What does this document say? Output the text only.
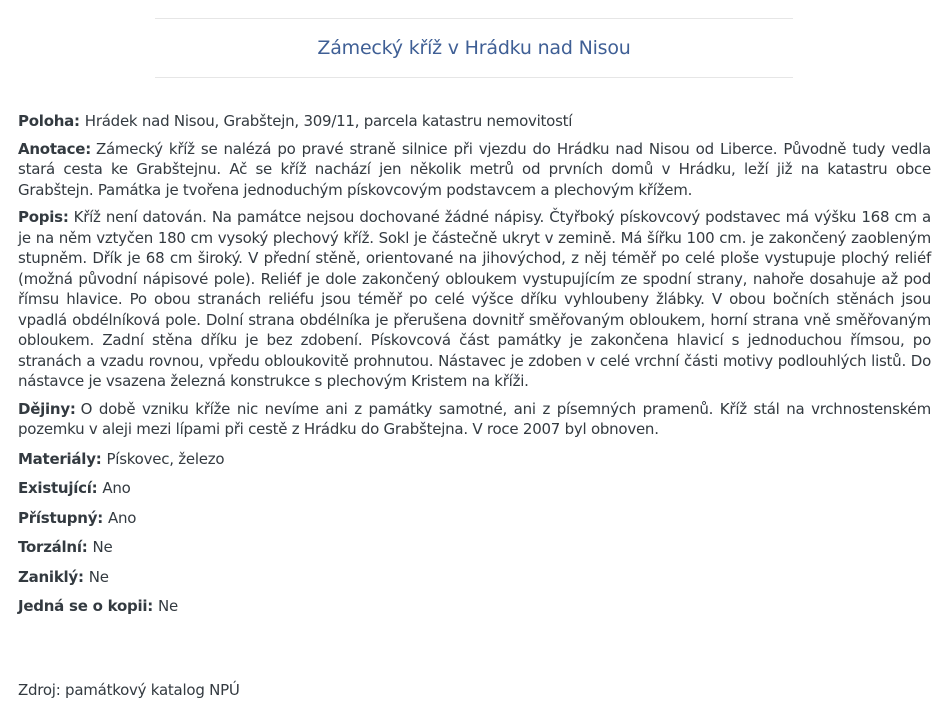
Zámecký kříž v Hrádku nad Nisou

Poloha: Hrádek nad Nisou, Grabštejn, 309/11, parcela katastru nemovitostí

Anotace: Zámecký kříž se nalézá po pravé straně silnice při vjezdu do Hrádku nad Nisou od Liberce. Původně tudy vedla stará cesta ke Grabštejnu. Ač se kříž nachází jen několik metrů od prvních domů v Hrádku, leží již na katastru obce Grabštejn. Památka je tvořena jednoduchým pískovcovým podstavcem a plechovým křížem.

Popis: Kříž není datován. Na památce nejsou dochované žádné nápisy. Čtyřboký pískovcový podstavec má výšku 168 cm a je na něm vztyčen 180 cm vysoký plechový kříž. Sokl je částečně ukryt v zemině. Má šířku 100 cm. je zakončený zaobleným stupněm. Dřík je 68 cm široký. V přední stěně, orientované na jihovýchod, z něj téměř po celé ploše vystupuje plochý reliéf (možná původní nápisové pole). Reliéf je dole zakončený obloukem vystupujícím ze spodní strany, nahoře dosahuje až pod římsu hlavice. Po obou stranách reliéfu jsou téměř po celé výšce dříku vyhloubeny žlábky. V obou bočních stěnách jsou vpadlá obdélníková pole. Dolní strana obdélníka je přerušena dovnitř směřovaným obloukem, horní strana vně směřovaným obloukem. Zadní stěna dříku je bez zdobení. Pískovcová část památky je zakončena hlavicí s jednoduchou římsou, po stranách a vzadu rovnou, vpředu obloukovitě prohnutou. Nástavec je zdoben v celé vrchní části motivy podlouhlých listů. Do nástavce je vsazena železná konstrukce s plechovým Kristem na kříži.

Dějiny: O době vzniku kříže nic nevíme ani z památky samotné, ani z písemných pramenů. Kříž stál na vrchnostenském pozemku v aleji mezi lípami při cestě z Hrádku do Grabštejna. V roce 2007 byl obnoven.

Materiály: Pískovec, železo

Existující: Ano

Přístupný: Ano

Torzální: Ne

Zaniklý: Ne

Jedná se o kopii: Ne

Zdroj: památkový katalog NPÚ
